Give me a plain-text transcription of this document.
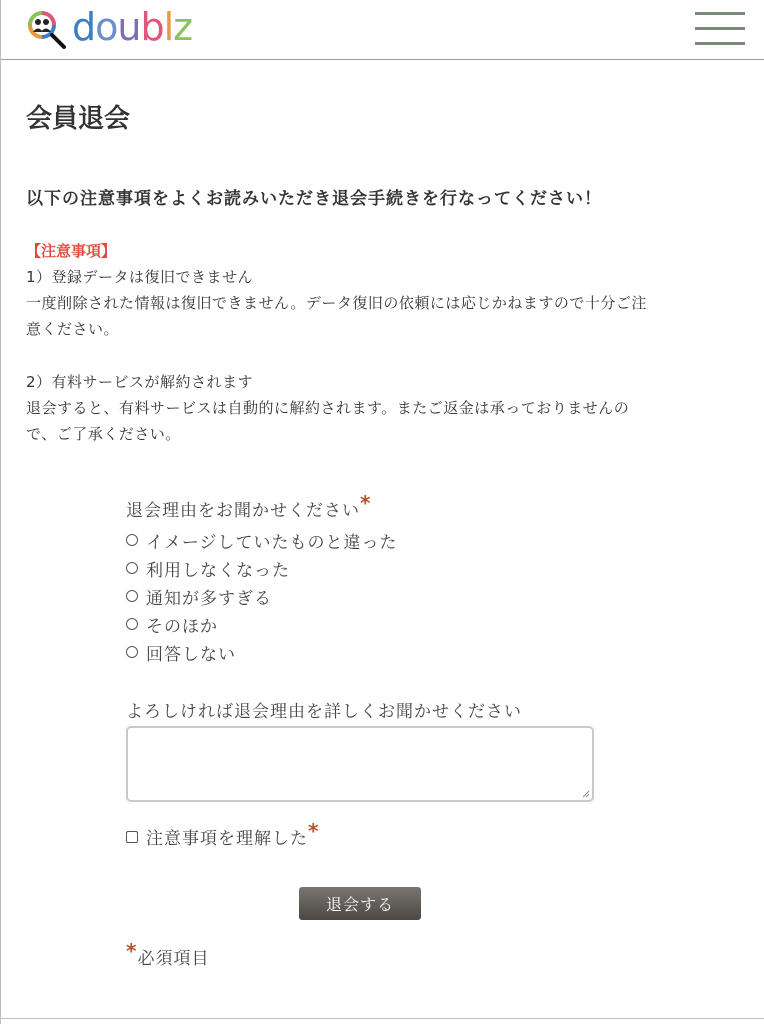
doublz
会員退会
以下の注意事項をよくお読みいただき退会手続きを行なってください！
【注意事項】

1）登録データは復旧できません

一度削除された情報は復旧できません。データ復旧の依頼には応じかねますので十分ご注

意ください。

2）有料サービスが解約されます

退会すると、有料サービスは自動的に解約されます。またご返金は承っておりませんの

で、ご了承ください。

退会理由をお聞かせください*
イメージしていたものと違った
利用しなくなった
通知が多すぎる
そのほか
回答しない
よろしければ退会理由を詳しくお聞かせください
注意事項を理解した *
退会する
*必須項目
